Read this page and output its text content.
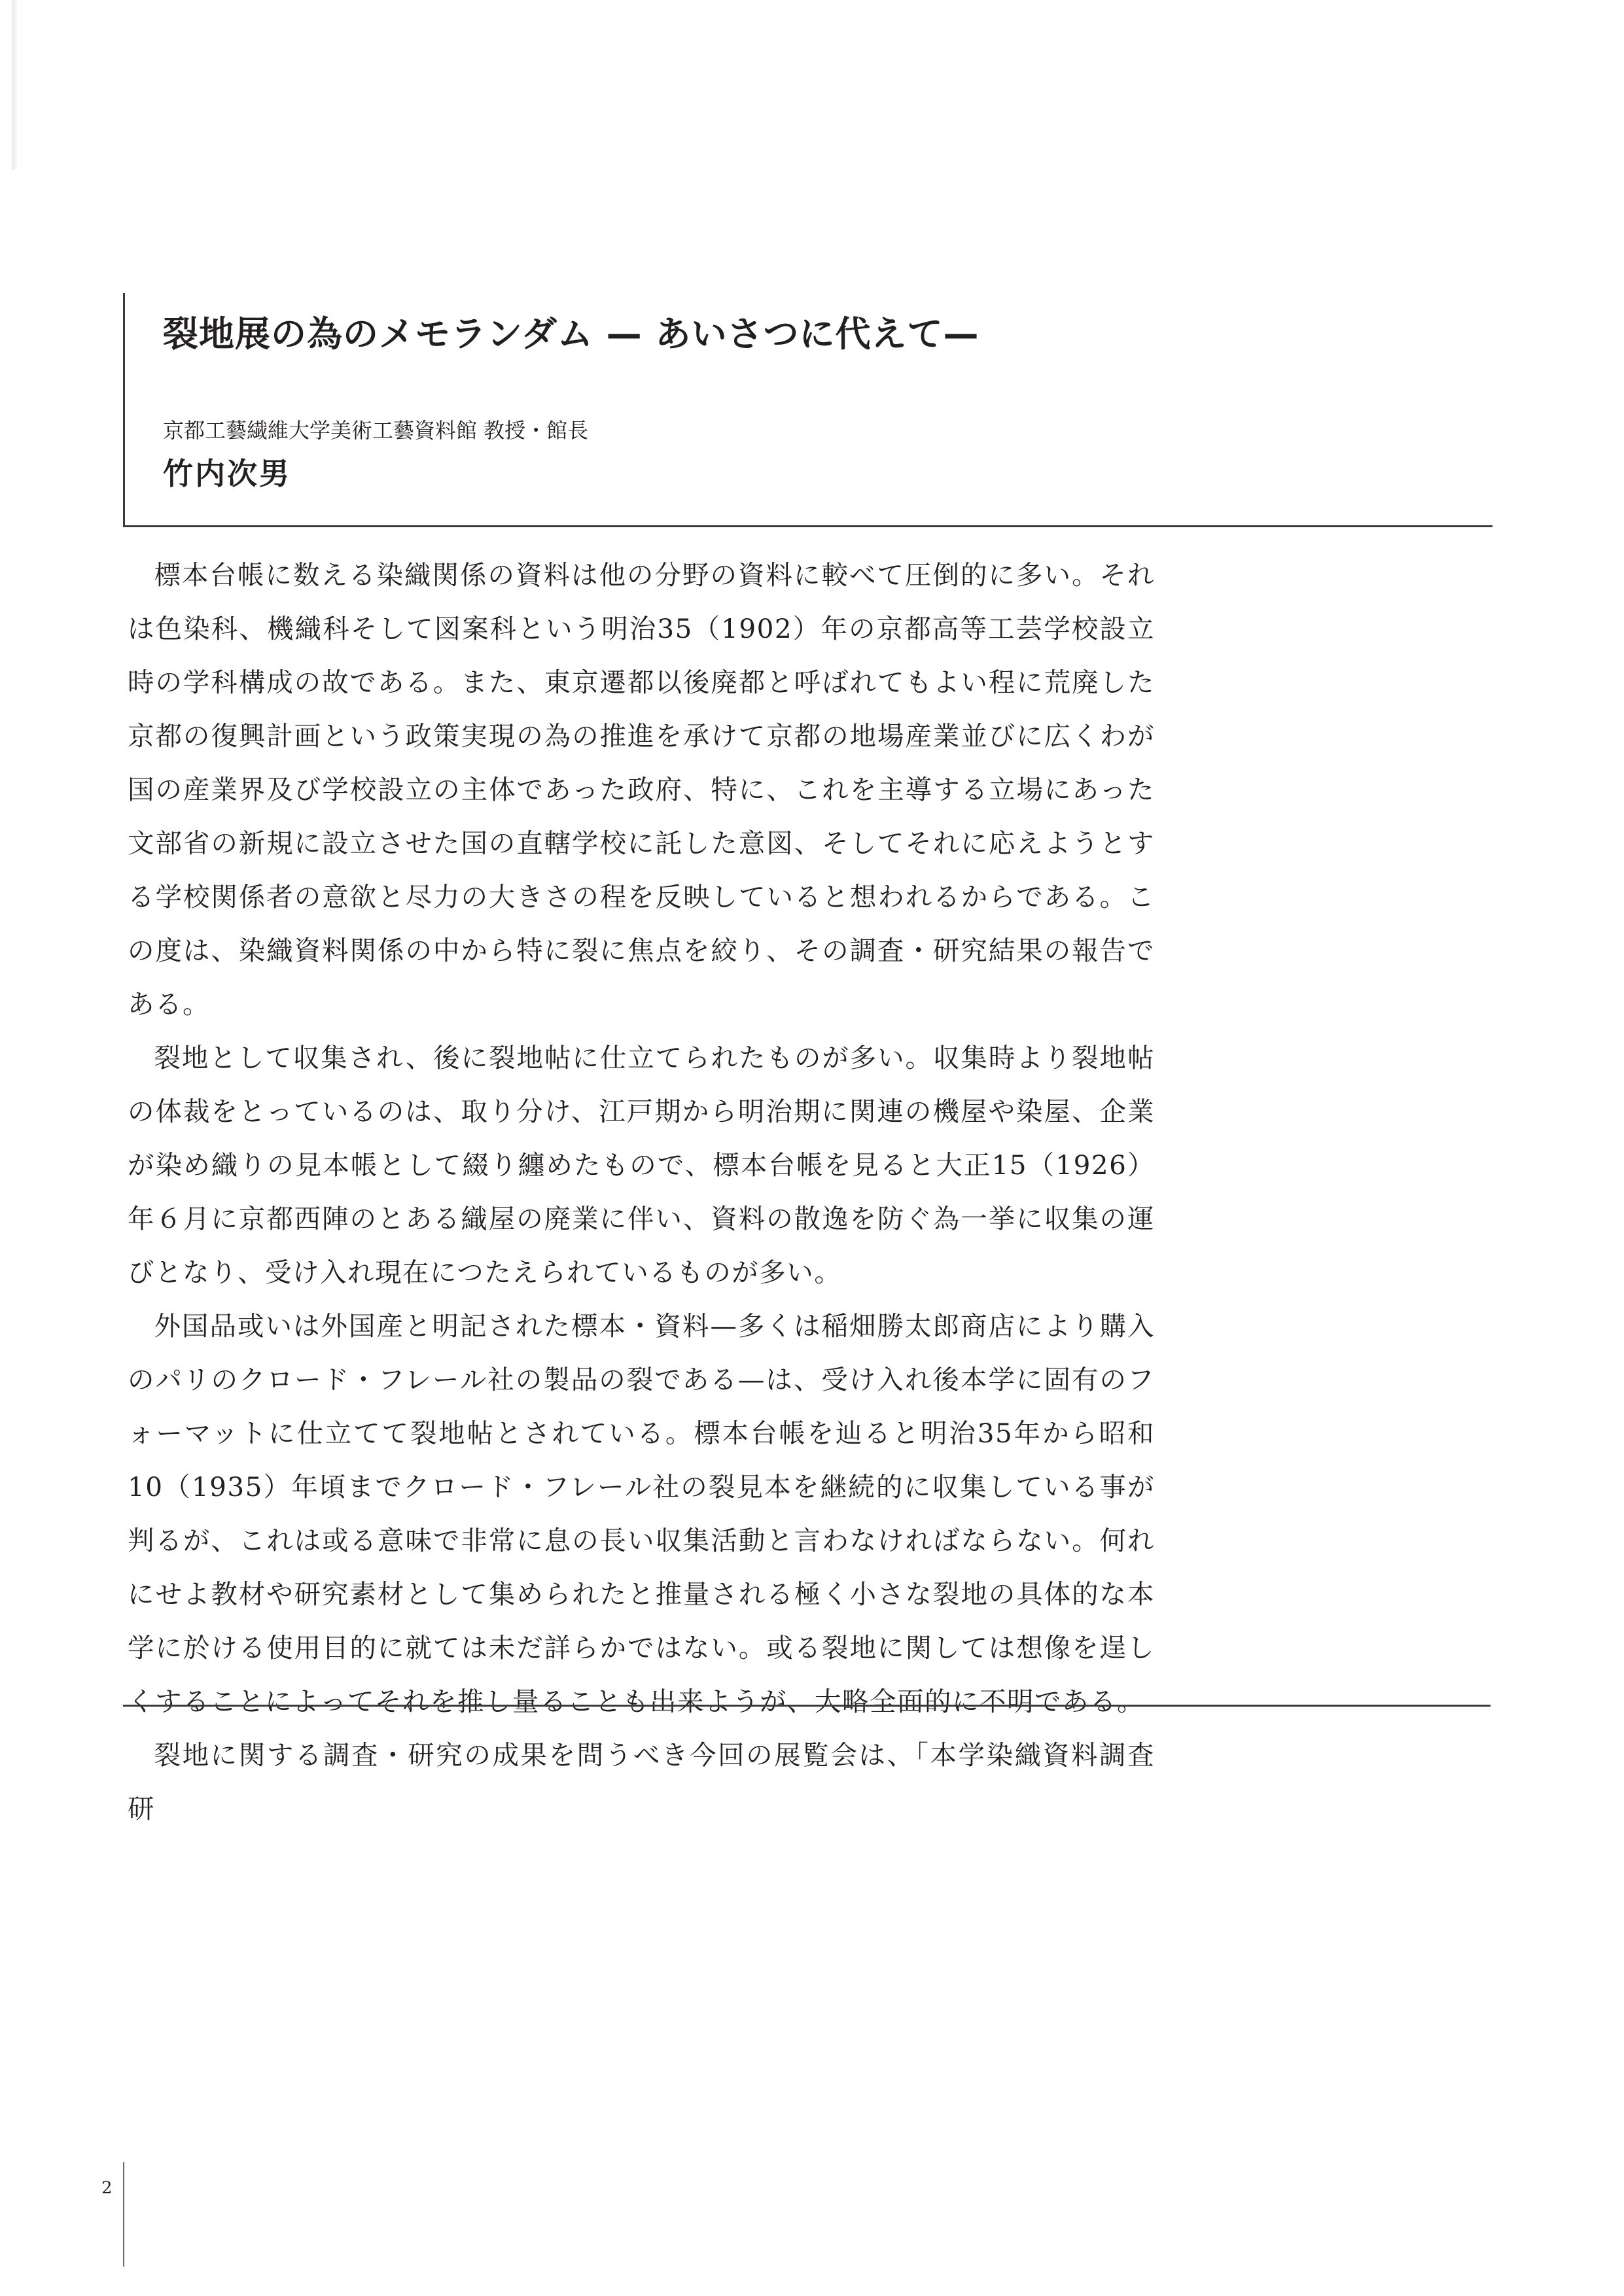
裂地展の為のメモランダム — あいさつに代えて—
京都工藝繊維大学美術工藝資料館 教授・館長
竹内次男

標本台帳に数える染織関係の資料は他の分野の資料に較べて圧倒的に多い。それは色染科、機織科そして図案科という明治35（1902）年の京都高等工芸学校設立時の学科構成の故である。また、東京遷都以後廃都と呼ばれてもよい程に荒廃した京都の復興計画という政策実現の為の推進を承けて京都の地場産業並びに広くわが国の産業界及び学校設立の主体であった政府、特に、これを主導する立場にあった文部省の新規に設立させた国の直轄学校に託した意図、そしてそれに応えようとする学校関係者の意欲と尽力の大きさの程を反映していると想われるからである。この度は、染織資料関係の中から特に裂に焦点を絞り、その調査・研究結果の報告である。

裂地として収集され、後に裂地帖に仕立てられたものが多い。収集時より裂地帖の体裁をとっているのは、取り分け、江戸期から明治期に関連の機屋や染屋、企業が染め織りの見本帳として綴り纏めたもので、標本台帳を見ると大正15（1926）年６月に京都西陣のとある織屋の廃業に伴い、資料の散逸を防ぐ為一挙に収集の運びとなり、受け入れ現在につたえられているものが多い。

外国品或いは外国産と明記された標本・資料—多くは稲畑勝太郎商店により購入のパリのクロード・フレール社の製品の裂である—は、受け入れ後本学に固有のフォーマットに仕立てて裂地帖とされている。標本台帳を辿ると明治35年から昭和10（1935）年頃までクロード・フレール社の裂見本を継続的に収集している事が判るが、これは或る意味で非常に息の長い収集活動と言わなければならない。何れにせよ教材や研究素材として集められたと推量される極く小さな裂地の具体的な本学に於ける使用目的に就ては未だ詳らかではない。或る裂地に関しては想像を逞しくすることによってそれを推し量ることも出来ようが、大略全面的に不明である。

裂地に関する調査・研究の成果を問うべき今回の展覧会は、「本学染織資料調査研

2
